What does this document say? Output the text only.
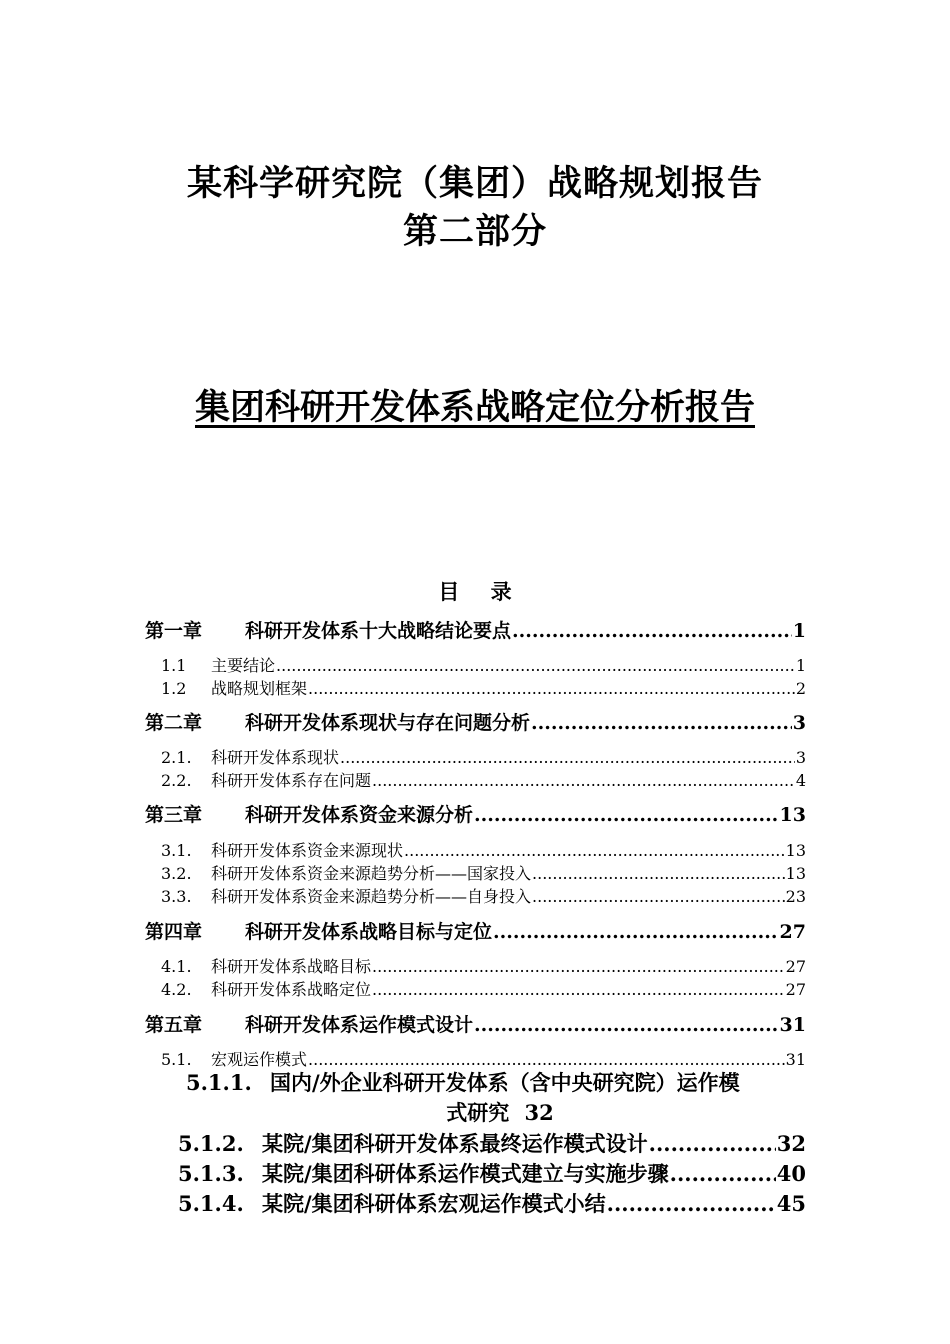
某科学研究院（集团）战略规划报告
第二部分
集团科研开发体系战略定位分析报告
目 录
第一章	科研开发体系十大战略结论要点 .....	1
1.1	主要结论 .....	1
1.2	战略规划框架 .....	2
第二章	科研开发体系现状与存在问题分析 .....	3
2.1.	科研开发体系现状 .....	3
2.2.	科研开发体系存在问题 .....	4
第三章	科研开发体系资金来源分析 .....	13
3.1.	科研开发体系资金来源现状 .....	13
3.2.	科研开发体系资金来源趋势分析——国家投入 .....	13
3.3.	科研开发体系资金来源趋势分析——自身投入 .....	23
第四章	科研开发体系战略目标与定位 .....	27
4.1.	科研开发体系战略目标 .....	27
4.2.	科研开发体系战略定位 .....	27
第五章	科研开发体系运作模式设计 .....	31
5.1.	宏观运作模式 .....	31
5.1.1. 国内/外企业科研开发体系（含中央研究院）运作模
式研究 32
5.1.2. 某院/集团科研开发体系最终运作模式设计 .....	32
5.1.3. 某院/集团科研体系运作模式建立与实施步骤 .....	40
5.1.4. 某院/集团科研体系宏观运作模式小结 .....	45
